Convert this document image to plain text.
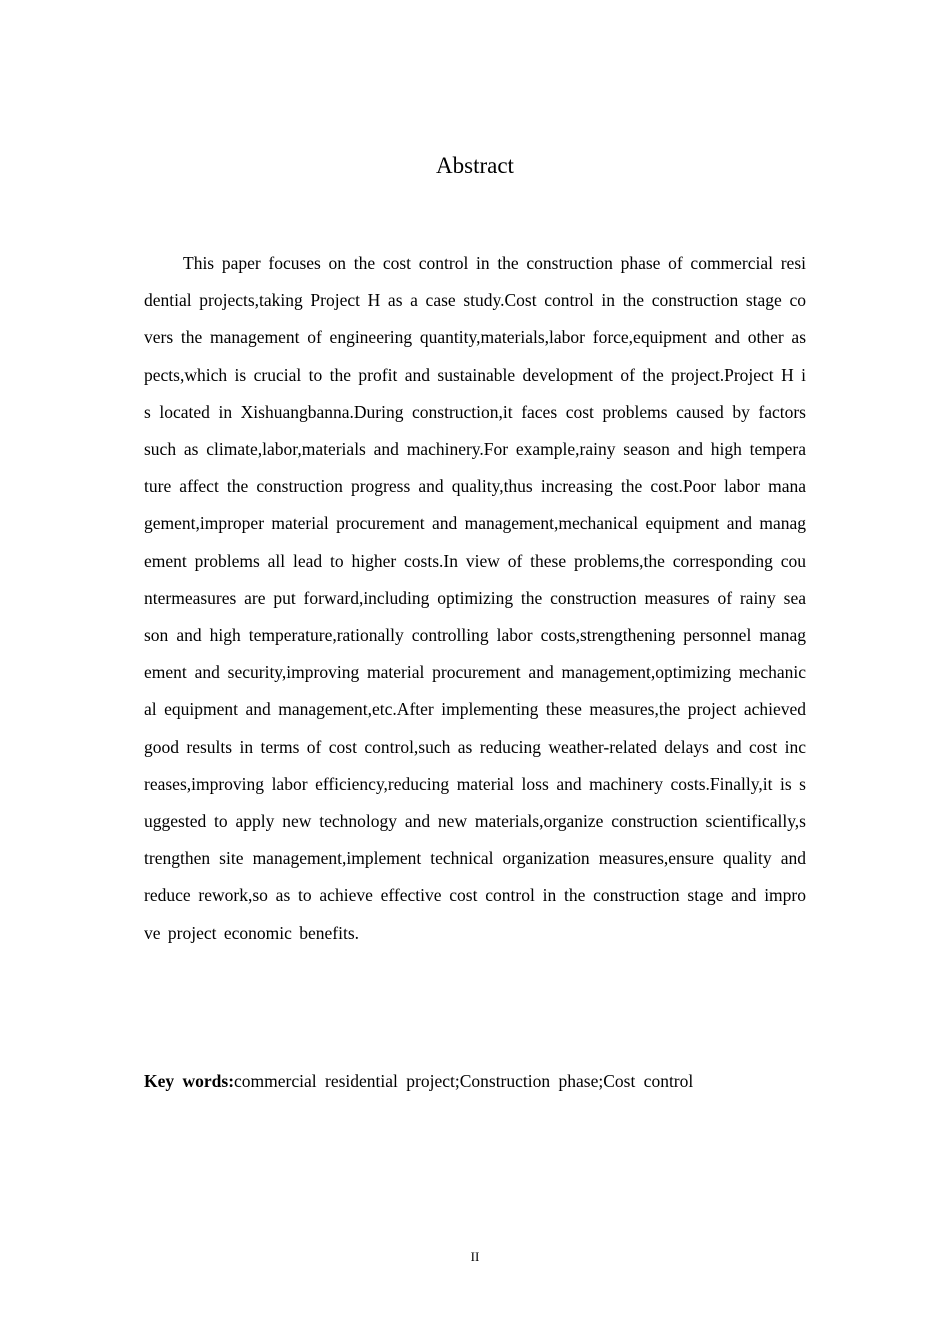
Abstract

This paper focuses on the cost control in the construction phase of commercial residential projects,taking Project H as a case study.Cost control in the construction stage covers the management of engineering quantity,materials,labor force,equipment and other aspects,which is crucial to the profit and sustainable development of the project.Project H is located in Xishuangbanna.During construction,it faces cost problems caused by factors such as climate,labor,materials and machinery.For example,rainy season and high temperature affect the construction progress and quality,thus increasing the cost.Poor labor management,improper material procurement and management,mechanical equipment and management problems all lead to higher costs.In view of these problems,the corresponding countermeasures are put forward,including optimizing the construction measures of rainy season and high temperature,rationally controlling labor costs,strengthening personnel management and security,improving material procurement and management,optimizing mechanical equipment and management,etc.After implementing these measures,the project achieved good results in terms of cost control,such as reducing weather-related delays and cost increases,improving labor efficiency,reducing material loss and machinery costs.Finally,it is suggested to apply new technology and new materials,organize construction scientifically,strengthen site management,implement technical organization measures,ensure quality and reduce rework,so as to achieve effective cost control in the construction stage and improve project economic benefits.

Key words:commercial residential project;Construction phase;Cost control

II
